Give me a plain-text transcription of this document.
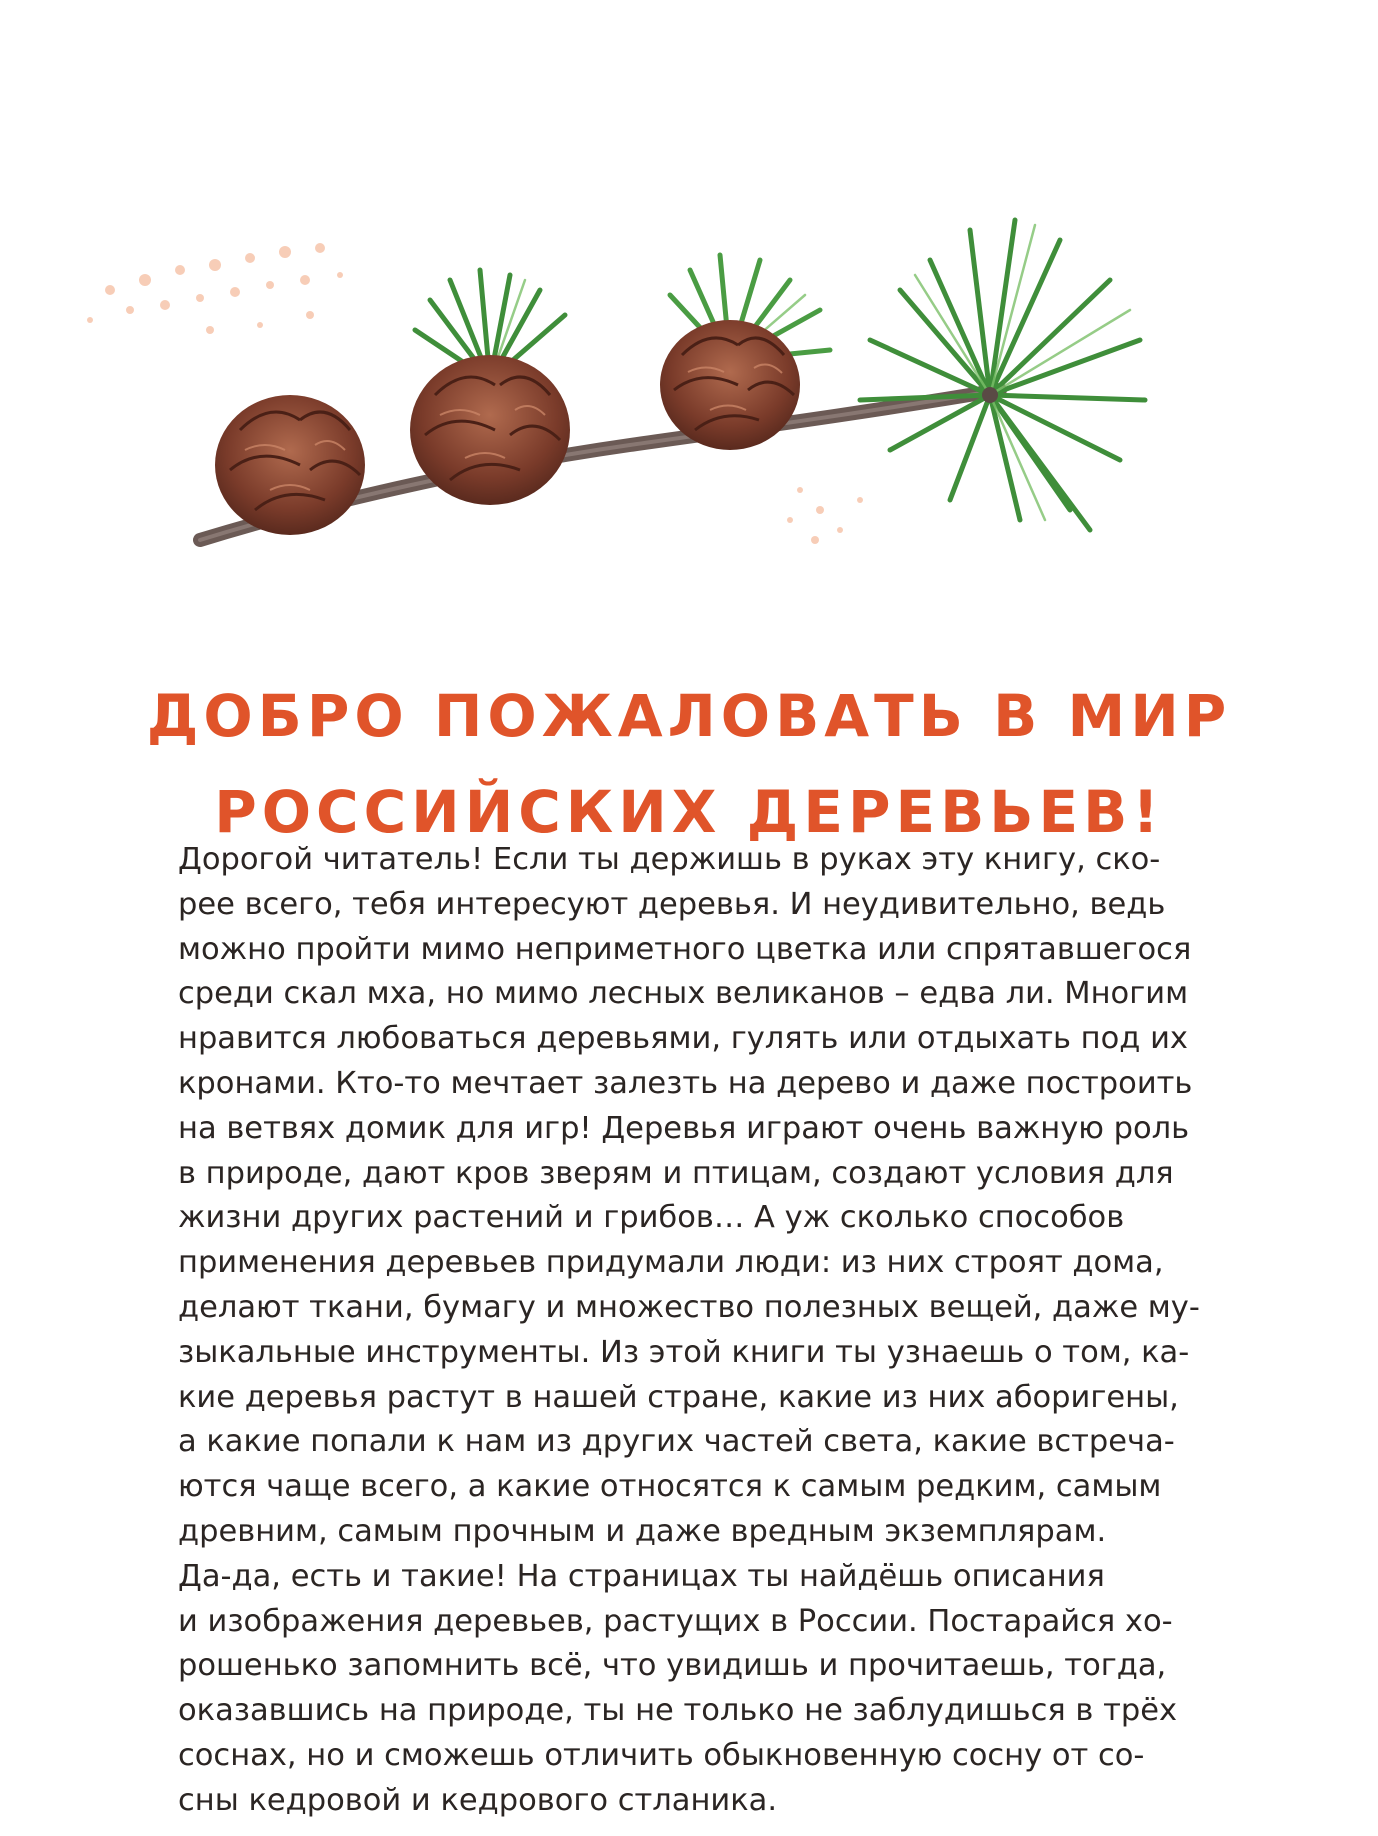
ДОБРО ПОЖАЛОВАТЬ В МИР
РОССИЙСКИХ ДЕРЕВЬЕВ!

Дорогой читатель! Если ты держишь в руках эту книгу, ско-
рее всего, тебя интересуют деревья. И неудивительно, ведь
можно пройти мимо неприметного цветка или спрятавшегося
среди скал мха, но мимо лесных великанов – едва ли. Многим
нравится любоваться деревьями, гулять или отдыхать под их
кронами. Кто-то мечтает залезть на дерево и даже построить
на ветвях домик для игр! Деревья играют очень важную роль
в природе, дают кров зверям и птицам, создают условия для
жизни других растений и грибов… А уж сколько способов
применения деревьев придумали люди: из них строят дома,
делают ткани, бумагу и множество полезных вещей, даже му-
зыкальные инструменты. Из этой книги ты узнаешь о том, ка-
кие деревья растут в нашей стране, какие из них аборигены,
а какие попали к нам из других частей света, какие встреча-
ются чаще всего, а какие относятся к самым редким, самым
древним, самым прочным и даже вредным экземплярам.
Да-да, есть и такие! На страницах ты найдёшь описания
и изображения деревьев, растущих в России. Постарайся хо-
рошенько запомнить всё, что увидишь и прочитаешь, тогда,
оказавшись на природе, ты не только не заблудишься в трёх
соснах, но и сможешь отличить обыкновенную сосну от со-
сны кедровой и кедрового стланика.
